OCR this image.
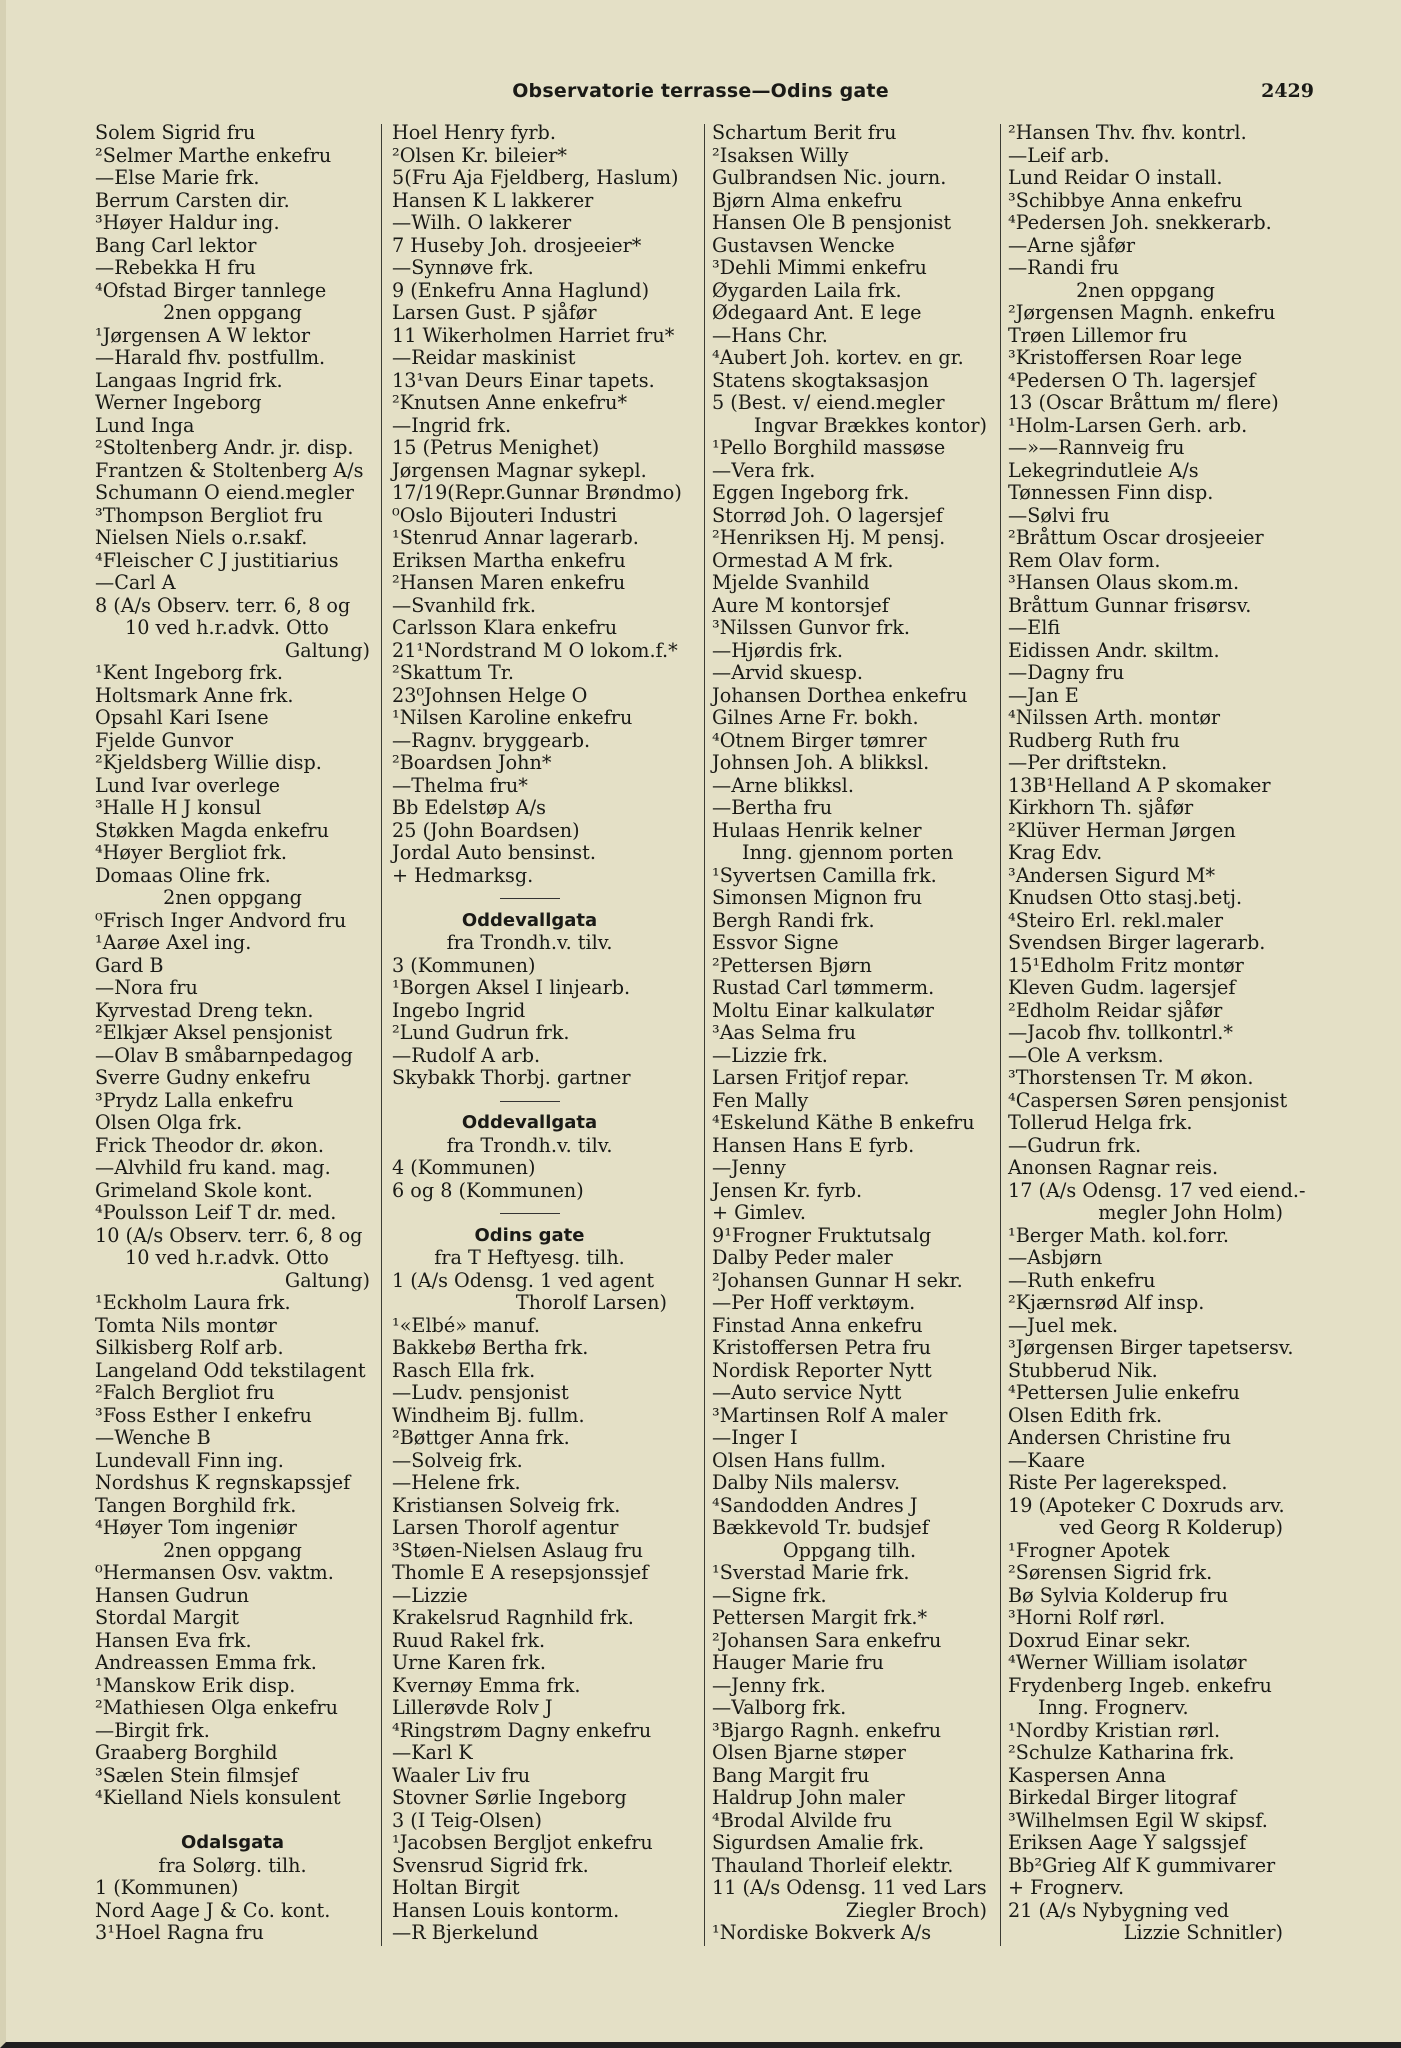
Observatorie terrasse—Odins gate	2429
Solem Sigrid fru
²Selmer Marthe enkefru
—Else Marie frk.
Berrum Carsten dir.
³Høyer Haldur ing.
Bang Carl lektor
—Rebekka H fru
⁴Ofstad Birger tannlege
2nen oppgang
¹Jørgensen A W lektor
—Harald fhv. postfullm.
Langaas Ingrid frk.
Werner Ingeborg
Lund Inga
²Stoltenberg Andr. jr. disp.
Frantzen & Stoltenberg A/s
Schumann O eiend.megler
³Thompson Bergliot fru
Nielsen Niels o.r.sakf.
⁴Fleischer C J justitiarius
—Carl A
8 (A/s Observ. terr. 6, 8 og
10 ved h.r.advk. Otto
Galtung)
¹Kent Ingeborg frk.
Holtsmark Anne frk.
Opsahl Kari Isene
Fjelde Gunvor
²Kjeldsberg Willie disp.
Lund Ivar overlege
³Halle H J konsul
Støkken Magda enkefru
⁴Høyer Bergliot frk.
Domaas Oline frk.
2nen oppgang
⁰Frisch Inger Andvord fru
¹Aarøe Axel ing.
Gard B
—Nora fru
Kyrvestad Dreng tekn.
²Elkjær Aksel pensjonist
—Olav B småbarnpedagog
Sverre Gudny enkefru
³Prydz Lalla enkefru
Olsen Olga frk.
Frick Theodor dr. økon.
—Alvhild fru kand. mag.
Grimeland Skole kont.
⁴Poulsson Leif T dr. med.
10 (A/s Observ. terr. 6, 8 og
10 ved h.r.advk. Otto
Galtung)
¹Eckholm Laura frk.
Tomta Nils montør
Silkisberg Rolf arb.
Langeland Odd tekstilagent
²Falch Bergliot fru
³Foss Esther I enkefru
—Wenche B
Lundevall Finn ing.
Nordshus K regnskapssjef
Tangen Borghild frk.
⁴Høyer Tom ingeniør
2nen oppgang
⁰Hermansen Osv. vaktm.
Hansen Gudrun
Stordal Margit
Hansen Eva frk.
Andreassen Emma frk.
¹Manskow Erik disp.
²Mathiesen Olga enkefru
—Birgit frk.
Graaberg Borghild
³Sælen Stein filmsjef
⁴Kielland Niels konsulent
Odalsgata
fra Solørg. tilh.
1 (Kommunen)
Nord Aage J & Co. kont.
3¹Hoel Ragna fru
Hoel Henry fyrb.
²Olsen Kr. bileier*
5(Fru Aja Fjeldberg, Haslum)
Hansen K L lakkerer
—Wilh. O lakkerer
7 Huseby Joh. drosjeeier*
—Synnøve frk.
9 (Enkefru Anna Haglund)
Larsen Gust. P sjåfør
11 Wikerholmen Harriet fru*
—Reidar maskinist
13¹van Deurs Einar tapets.
²Knutsen Anne enkefru*
—Ingrid frk.
15 (Petrus Menighet)
Jørgensen Magnar sykepl.
17/19(Repr.Gunnar Brøndmo)
⁰Oslo Bijouteri Industri
¹Stenrud Annar lagerarb.
Eriksen Martha enkefru
²Hansen Maren enkefru
—Svanhild frk.
Carlsson Klara enkefru
21¹Nordstrand M O lokom.f.*
²Skattum Tr.
23⁰Johnsen Helge O
¹Nilsen Karoline enkefru
—Ragnv. bryggearb.
²Boardsen John*
—Thelma fru*
Bb Edelstøp A/s
25 (John Boardsen)
Jordal Auto bensinst.
+ Hedmarksg.
Oddevallgata
fra Trondh.v. tilv.
3 (Kommunen)
¹Borgen Aksel I linjearb.
Ingebo Ingrid
²Lund Gudrun frk.
—Rudolf A arb.
Skybakk Thorbj. gartner
Oddevallgata
fra Trondh.v. tilv.
4 (Kommunen)
6 og 8 (Kommunen)
Odins gate
fra T Heftyesg. tilh.
1 (A/s Odensg. 1 ved agent
Thorolf Larsen)
¹«Elbé» manuf.
Bakkebø Bertha frk.
Rasch Ella frk.
—Ludv. pensjonist
Windheim Bj. fullm.
²Bøttger Anna frk.
—Solveig frk.
—Helene frk.
Kristiansen Solveig frk.
Larsen Thorolf agentur
³Støen-Nielsen Aslaug fru
Thomle E A resepsjonssjef
—Lizzie
Krakelsrud Ragnhild frk.
Ruud Rakel frk.
Urne Karen frk.
Kvernøy Emma frk.
Lillerøvde Rolv J
⁴Ringstrøm Dagny enkefru
—Karl K
Waaler Liv fru
Stovner Sørlie Ingeborg
3 (I Teig-Olsen)
¹Jacobsen Bergljot enkefru
Svensrud Sigrid frk.
Holtan Birgit
Hansen Louis kontorm.
—R Bjerkelund
Schartum Berit fru
²Isaksen Willy
Gulbrandsen Nic. journ.
Bjørn Alma enkefru
Hansen Ole B pensjonist
Gustavsen Wencke
³Dehli Mimmi enkefru
Øygarden Laila frk.
Ødegaard Ant. E lege
—Hans Chr.
⁴Aubert Joh. kortev. en gr.
Statens skogtaksasjon
5 (Best. v/ eiend.megler
Ingvar Brækkes kontor)
¹Pello Borghild massøse
—Vera frk.
Eggen Ingeborg frk.
Storrød Joh. O lagersjef
²Henriksen Hj. M pensj.
Ormestad A M frk.
Mjelde Svanhild
Aure M kontorsjef
³Nilssen Gunvor frk.
—Hjørdis frk.
—Arvid skuesp.
Johansen Dorthea enkefru
Gilnes Arne Fr. bokh.
⁴Otnem Birger tømrer
Johnsen Joh. A blikksl.
—Arne blikksl.
—Bertha fru
Hulaas Henrik kelner
Inng. gjennom porten
¹Syvertsen Camilla frk.
Simonsen Mignon fru
Bergh Randi frk.
Essvor Signe
²Pettersen Bjørn
Rustad Carl tømmerm.
Moltu Einar kalkulatør
³Aas Selma fru
—Lizzie frk.
Larsen Fritjof repar.
Fen Mally
⁴Eskelund Käthe B enkefru
Hansen Hans E fyrb.
—Jenny
Jensen Kr. fyrb.
+ Gimlev.
9¹Frogner Fruktutsalg
Dalby Peder maler
²Johansen Gunnar H sekr.
—Per Hoff verktøym.
Finstad Anna enkefru
Kristoffersen Petra fru
Nordisk Reporter Nytt
—Auto service Nytt
³Martinsen Rolf A maler
—Inger I
Olsen Hans fullm.
Dalby Nils malersv.
⁴Sandodden Andres J
Bækkevold Tr. budsjef
Oppgang tilh.
¹Sverstad Marie frk.
—Signe frk.
Pettersen Margit frk.*
²Johansen Sara enkefru
Hauger Marie fru
—Jenny frk.
—Valborg frk.
³Bjargo Ragnh. enkefru
Olsen Bjarne støper
Bang Margit fru
Haldrup John maler
⁴Brodal Alvilde fru
Sigurdsen Amalie frk.
Thauland Thorleif elektr.
11 (A/s Odensg. 11 ved Lars
Ziegler Broch)
¹Nordiske Bokverk A/s
²Hansen Thv. fhv. kontrl.
—Leif arb.
Lund Reidar O install.
³Schibbye Anna enkefru
⁴Pedersen Joh. snekkerarb.
—Arne sjåfør
—Randi fru
2nen oppgang
²Jørgensen Magnh. enkefru
Trøen Lillemor fru
³Kristoffersen Roar lege
⁴Pedersen O Th. lagersjef
13 (Oscar Bråttum m/ flere)
¹Holm-Larsen Gerh. arb.
—»—Rannveig fru
Lekegrindutleie A/s
Tønnessen Finn disp.
—Sølvi fru
²Bråttum Oscar drosjeeier
Rem Olav form.
³Hansen Olaus skom.m.
Bråttum Gunnar frisørsv.
—Elfi
Eidissen Andr. skiltm.
—Dagny fru
—Jan E
⁴Nilssen Arth. montør
Rudberg Ruth fru
—Per driftstekn.
13B¹Helland A P skomaker
Kirkhorn Th. sjåfør
²Klüver Herman Jørgen
Krag Edv.
³Andersen Sigurd M*
Knudsen Otto stasj.betj.
⁴Steiro Erl. rekl.maler
Svendsen Birger lagerarb.
15¹Edholm Fritz montør
Kleven Gudm. lagersjef
²Edholm Reidar sjåfør
—Jacob fhv. tollkontrl.*
—Ole A verksm.
³Thorstensen Tr. M økon.
⁴Caspersen Søren pensjonist
Tollerud Helga frk.
—Gudrun frk.
Anonsen Ragnar reis.
17 (A/s Odensg. 17 ved eiend.-
megler John Holm)
¹Berger Math. kol.forr.
—Asbjørn
—Ruth enkefru
²Kjærnsrød Alf insp.
—Juel mek.
³Jørgensen Birger tapetsersv.
Stubberud Nik.
⁴Pettersen Julie enkefru
Olsen Edith frk.
Andersen Christine fru
—Kaare
Riste Per lagereksped.
19 (Apoteker C Doxruds arv.
ved Georg R Kolderup)
¹Frogner Apotek
²Sørensen Sigrid frk.
Bø Sylvia Kolderup fru
³Horni Rolf rørl.
Doxrud Einar sekr.
⁴Werner William isolatør
Frydenberg Ingeb. enkefru
Inng. Frognerv.
¹Nordby Kristian rørl.
²Schulze Katharina frk.
Kaspersen Anna
Birkedal Birger litograf
³Wilhelmsen Egil W skipsf.
Eriksen Aage Y salgssjef
Bb²Grieg Alf K gummivarer
+ Frognerv.
21 (A/s Nybygning ved
Lizzie Schnitler)
